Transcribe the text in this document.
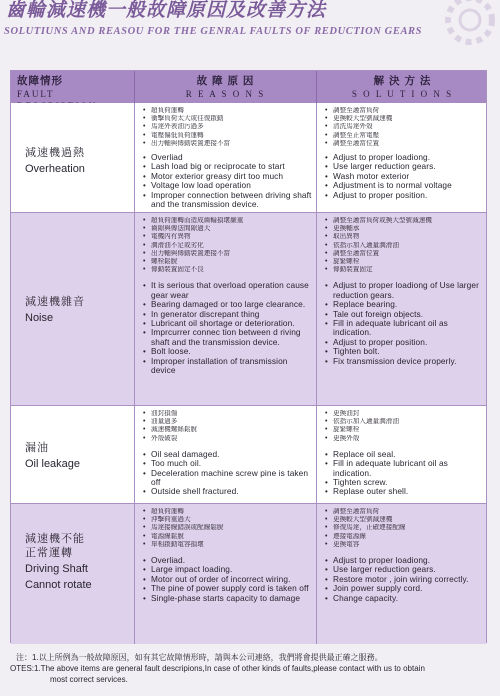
齒輪減速機一般故障原因及改善方法
SOLUTIUNS AND REASOU FOR THE GENRAL FAULTS OF REDUCTION GEARS
故障情形
FAULT
故 障 原 因
R E A S O N S
解 決 方 法
S O L U T I O N S
減速機過熱
Overheation
• 超負荷運轉
• 衝擊負荷太大或往復啟動
• 馬達外表油污過多
• 電壓偏低負荷運轉
• 出力軸與傳動裝置連接不當
• Overliad
• Lash load big or reciprocate to start
• Motor exterior greasy dirt too much
• Voltage low load operation
• Improper connection between driving shaft and the transmission device.
• 調整至適當負荷
• 更換較大型號減速機
• 清洗馬達外殼
• 調整至正常電壓
• 調整至適當位置
• Adjust to proper loadiong.
• Use larger reduction gears.
• Wash motor exterior
• Adjustment is to normal voltage
• Adjust to proper position.
減速機雜音
Noise
• 超負荷運轉而造成齒輪損壞嚴重
• 齒隙與傳送間隙過大
• 電機內有異物
• 潤滑油不足或劣化
• 出力軸與傳動裝置連接不當
• 螺栓鬆脫
• 傳動裝置固定不良
• It is serious that overload operation cause gear wear
• Bearing damaged or too large clearance.
• In generator discrepant thing
• Lubricant oil shortage or deterioration.
• Imprcurrer connec tion between d riving shaft and the transmission device.
• Bolt loose.
• Improper installation of transmission device
• 調整至適當負荷或換大型號減速機
• 更換軸承
• 取出異物
• 依指示加入適量潤滑油
• 調整至適當位置
• 旋緊螺栓
• 傳動裝置固定
• Adjust to proper loadiong of Use larger reduction gears.
• Replace bearing.
• Tale out foreign objects.
• Fill in adequate lubricant oil as indication.
• Adjust to proper position.
• Tighten bolt.
• Fix transmission device properly.
漏油
Oil leakage
• 油封損傷
• 油量過多
• 減速機螺絲鬆脫
• 外殼破裂
• Oil seal damaged.
• Too much oil.
• Deceleration machine screw pine is taken off
• Outside shell fractured.
• 更換油封
• 依指示加入適量潤滑油
• 旋緊螺栓
• 更換外殼
• Replace oil seal.
• Fill in adequate lubricant oil as indication.
• Tighten screw.
• Replase outer shell.
減速機不能
正常運轉
Driving Shaft
Cannot rotate
• 超負荷運轉
• 沖擊荷重過大
• 馬達接線錯誤或配線鬆脫
• 電源線鬆脫
• 單相啟動電容損壞
• Overliad.
• Large impact loading.
• Motor out of order of incorrect wiring.
• The pine of power supply cord is taken off
• Single-phase starts capacity to damage
• 調整至適當負荷
• 更換較大型號減速機
• 修復馬達，正確連接配線
• 連接電源線
• 更換電容
• Adjust to proper loadiong.
• Use larger reduction gears.
• Restore motor , join wiring correctly.
• Join power supply cord.
• Change capacity.
注：1.以上所例為一般故障原因，如有其它故障情形時，請與本公司連絡，我們將會提供最正確之服務。
OTES:1.The above items are general fault descripions,In case of other kinds of faults,please contact with us to obtain
most correct services.
